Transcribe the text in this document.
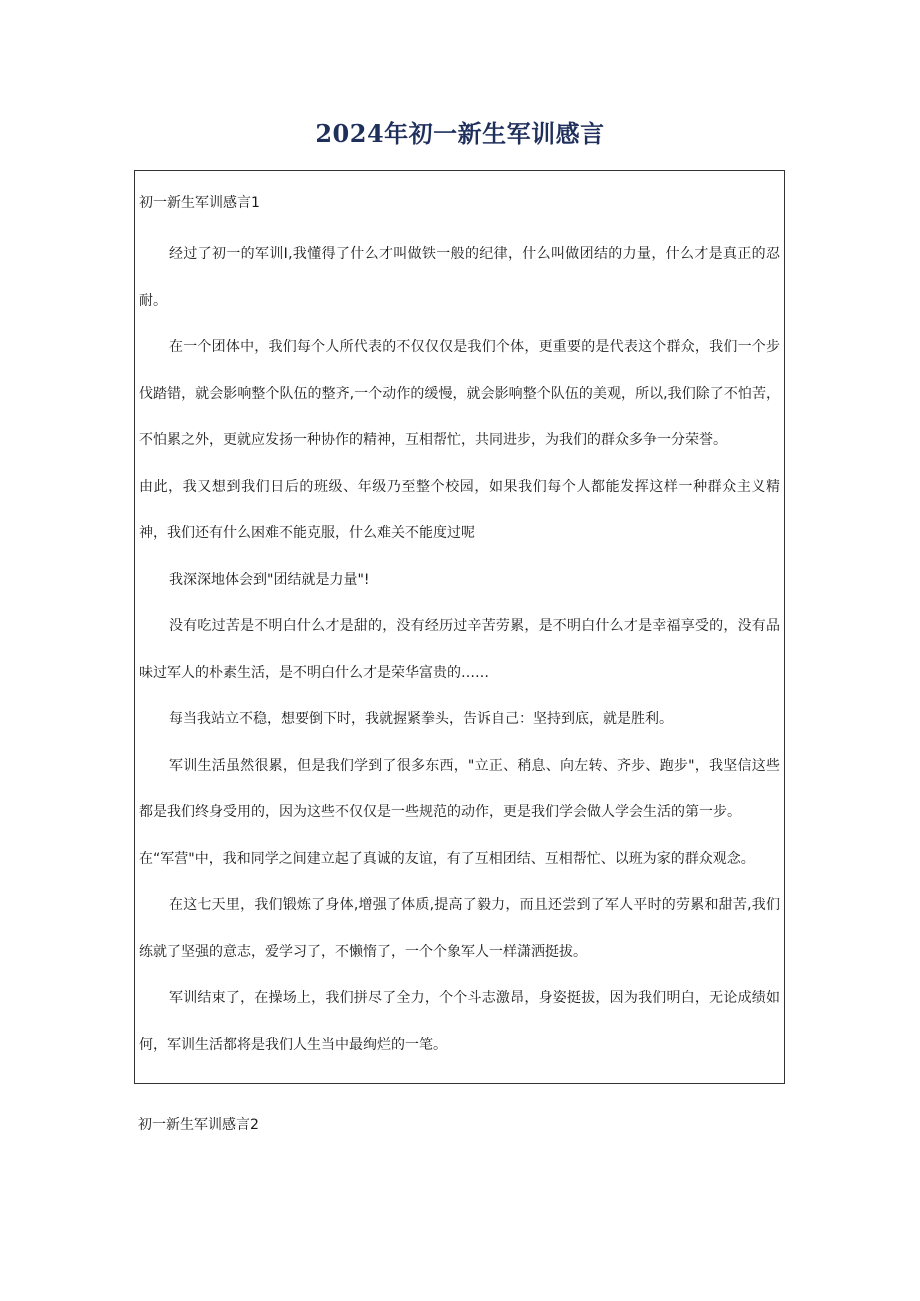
2024年初一新生军训感言
初一新生军训感言1

经过了初一的军训Ⅰ,我懂得了什么才叫做铁一般的纪律，什么叫做团结的力量，什么才是真正的忍耐。

在一个团体中，我们每个人所代表的不仅仅仅是我们个体，更重要的是代表这个群众，我们一个步伐踏错，就会影响整个队伍的整齐,一个动作的缓慢，就会影响整个队伍的美观，所以,我们除了不怕苦，不怕累之外，更就应发扬一种协作的精神，互相帮忙，共同进步，为我们的群众多争一分荣誉。

由此，我又想到我们日后的班级、年级乃至整个校园，如果我们每个人都能发挥这样一种群众主义精神，我们还有什么困难不能克服，什么难关不能度过呢

我深深地体会到"团结就是力量"!

没有吃过苦是不明白什么才是甜的，没有经历过辛苦劳累，是不明白什么才是幸福享受的，没有品味过军人的朴素生活，是不明白什么才是荣华富贵的……

每当我站立不稳，想要倒下时，我就握紧拳头，告诉自己：坚持到底，就是胜利。

军训生活虽然很累，但是我们学到了很多东西，"立正、稍息、向左转、齐步、跑步"，我坚信这些都是我们终身受用的，因为这些不仅仅是一些规范的动作，更是我们学会做人学会生活的第一步。

在“军营"中，我和同学之间建立起了真诚的友谊，有了互相团结、互相帮忙、以班为家的群众观念。

在这七天里，我们锻炼了身体,增强了体质,提高了毅力，而且还尝到了军人平时的劳累和甜苦,我们练就了坚强的意志，爱学习了，不懒惰了，一个个象军人一样潇洒挺拔。

军训结束了，在操场上，我们拼尽了全力，个个斗志激昂，身姿挺拔，因为我们明白，无论成绩如何，军训生活都将是我们人生当中最绚烂的一笔。

初一新生军训感言2
